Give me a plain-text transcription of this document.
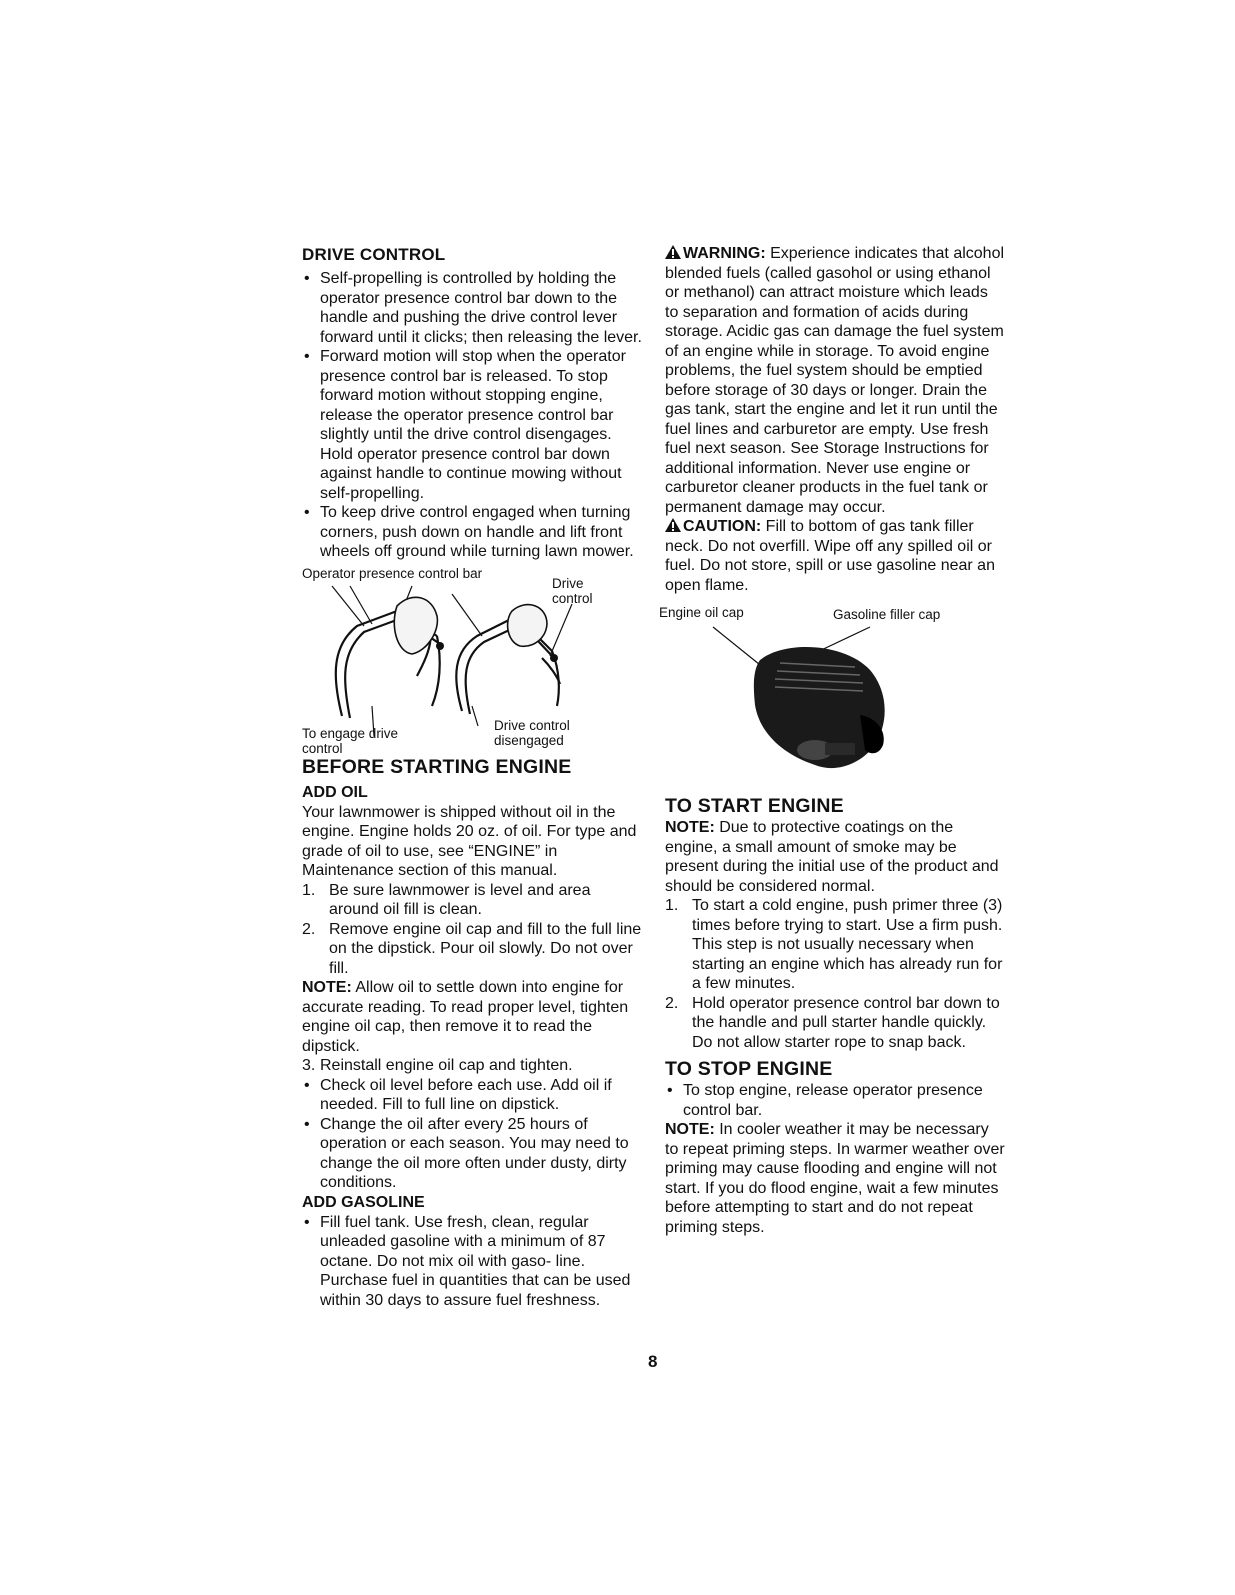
DRIVE CONTROL
• Self-propelling is controlled by holding the operator presence control bar down to the handle and pushing the drive control lever forward until it clicks; then releasing the lever.
• Forward motion will stop when the operator presence control bar is released. To stop forward motion without stopping engine, release the operator presence control bar slightly until the drive control disengages. Hold operator presence control bar down against handle to continue mowing without self-propelling.
• To keep drive control engaged when turning corners, push down on handle and lift front wheels off ground while turning lawn mower.
Operator presence control bar
Drive control
To engage drive control
Drive control disengaged
BEFORE STARTING ENGINE
ADD OIL

Your lawnmower is shipped without oil in the engine. Engine holds 20 oz. of oil. For type and grade of oil to use, see “ENGINE” in Maintenance section of this manual.

1. Be sure lawnmower is level and area around oil fill is clean.
2. Remove engine oil cap and fill to the full line on the dipstick. Pour oil slowly. Do not over fill.

NOTE: Allow oil to settle down into engine for accurate reading. To read proper level, tighten engine oil cap, then remove it to read the dipstick.

3. Reinstall engine oil cap and tighten.
• Check oil level before each use. Add oil if needed. Fill to full line on dipstick.
• Change the oil after every 25 hours of operation or each season. You may need to change the oil more often under dusty, dirty conditions.
ADD GASOLINE
• Fill fuel tank. Use fresh, clean, regular unleaded gasoline with a minimum of 87 octane. Do not mix oil with gaso- line. Purchase fuel in quantities that can be used within 30 days to assure fuel freshness.

WARNING: Experience indicates that alcohol blended fuels (called gasohol or using ethanol or methanol) can attract moisture which leads to separation and formation of acids during storage. Acidic gas can damage the fuel system of an engine while in storage. To avoid engine problems, the fuel system should be emptied before storage of 30 days or longer. Drain the gas tank, start the engine and let it run until the fuel lines and carburetor are empty. Use fresh fuel next season. See Storage Instructions for additional information. Never use engine or carburetor cleaner products in the fuel tank or permanent damage may occur.

CAUTION: Fill to bottom of gas tank filler neck. Do not overfill. Wipe off any spilled oil or fuel. Do not store, spill or use gasoline near an open flame.

Engine oil cap	Gasoline filler cap
TO START ENGINE

NOTE: Due to protective coatings on the engine, a small amount of smoke may be present during the initial use of the product and should be considered normal.

1. To start a cold engine, push primer three (3) times before trying to start. Use a firm push. This step is not usually necessary when starting an engine which has already run for a few minutes.
2. Hold operator presence control bar down to the handle and pull starter handle quickly. Do not allow starter rope to snap back.
TO STOP ENGINE
• To stop engine, release operator presence control bar.

NOTE: In cooler weather it may be necessary to repeat priming steps. In warmer weather over priming may cause flooding and engine will not start. If you do flood engine, wait a few minutes before attempting to start and do not repeat priming steps.

8
